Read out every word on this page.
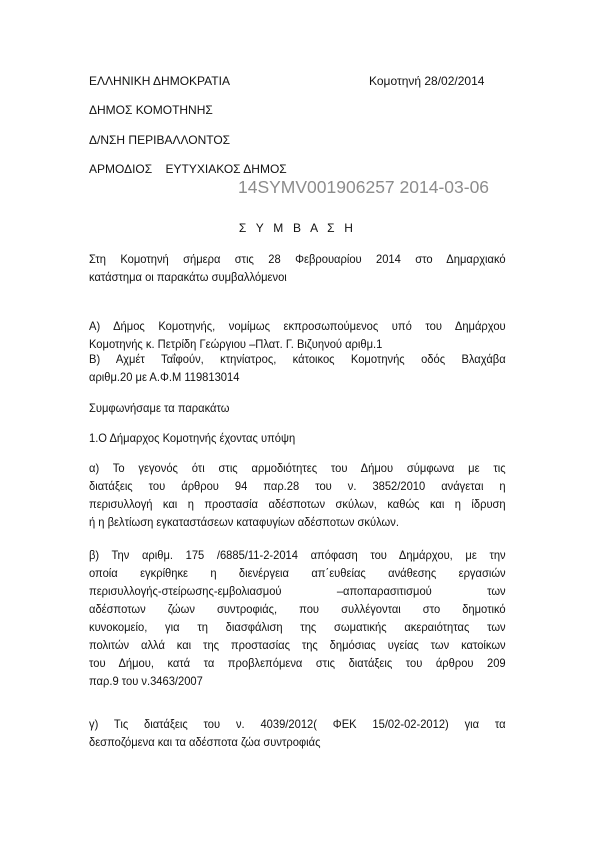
ΕΛΛΗΝΙΚΗ ΔΗΜΟΚΡΑΤΙΑ	Κομοτηνή 28/02/2014
ΔΗΜΟΣ ΚΟΜΟΤΗΝΗΣ
Δ/ΝΣΗ ΠΕΡΙΒΑΛΛΟΝΤΟΣ
ΑΡΜΟΔΙΟΣ    ΕΥΤΥΧΙΑΚΟΣ ΔΗΜΟΣ
14SYMV001906257 2014-03-06
Σ Υ Μ Β Α Σ Η
Στη Κομοτηνή σήμερα στις 28 Φεβρουαρίου 2014 στο Δημαρχιακό
κατάστημα οι παρακάτω συμβαλλόμενοι
Α) Δήμος Κομοτηνής, νομίμως εκπροσωπούμενος υπό του Δημάρχου
Κομοτηνής κ. Πετρίδη Γεώργιου –Πλατ. Γ. Βιζυηνού αριθμ.1
Β) Αχμέτ Ταΐφούν, κτηνίατρος, κάτοικος Κομοτηνής οδός Βλαχάβα
αριθμ.20 με Α.Φ.Μ 119813014
Συμφωνήσαμε τα παρακάτω
1.Ο Δήμαρχος Κομοτηνής έχοντας υπόψη
α) Το γεγονός ότι στις αρμοδιότητες του Δήμου σύμφωνα με τις
διατάξεις του άρθρου 94 παρ.28 του ν. 3852/2010 ανάγεται η
περισυλλογή και η προστασία αδέσποτων σκύλων, καθώς και η ίδρυση
ή η βελτίωση εγκαταστάσεων καταφυγίων αδέσποτων σκύλων.
β) Την αριθμ. 175 /6885/11-2-2014 απόφαση του Δημάρχου, με την
οποία εγκρίθηκε η διενέργεια απ΄ευθείας ανάθεσης εργασιών
περισυλλογής-στείρωσης-εμβολιασμού –αποπαρασιτισμού των
αδέσποτων ζώων συντροφιάς, που συλλέγονται στο δημοτικό
κυνοκομείο, για τη διασφάλιση της σωματικής ακεραιότητας των
πολιτών αλλά και της προστασίας της δημόσιας υγείας των κατοίκων
του Δήμου, κατά τα προβλεπόμενα στις διατάξεις του άρθρου 209
παρ.9 του ν.3463/2007
γ) Τις διατάξεις του ν. 4039/2012( ΦΕΚ 15/02-02-2012) για τα
δεσποζόμενα και τα αδέσποτα ζώα συντροφιάς
